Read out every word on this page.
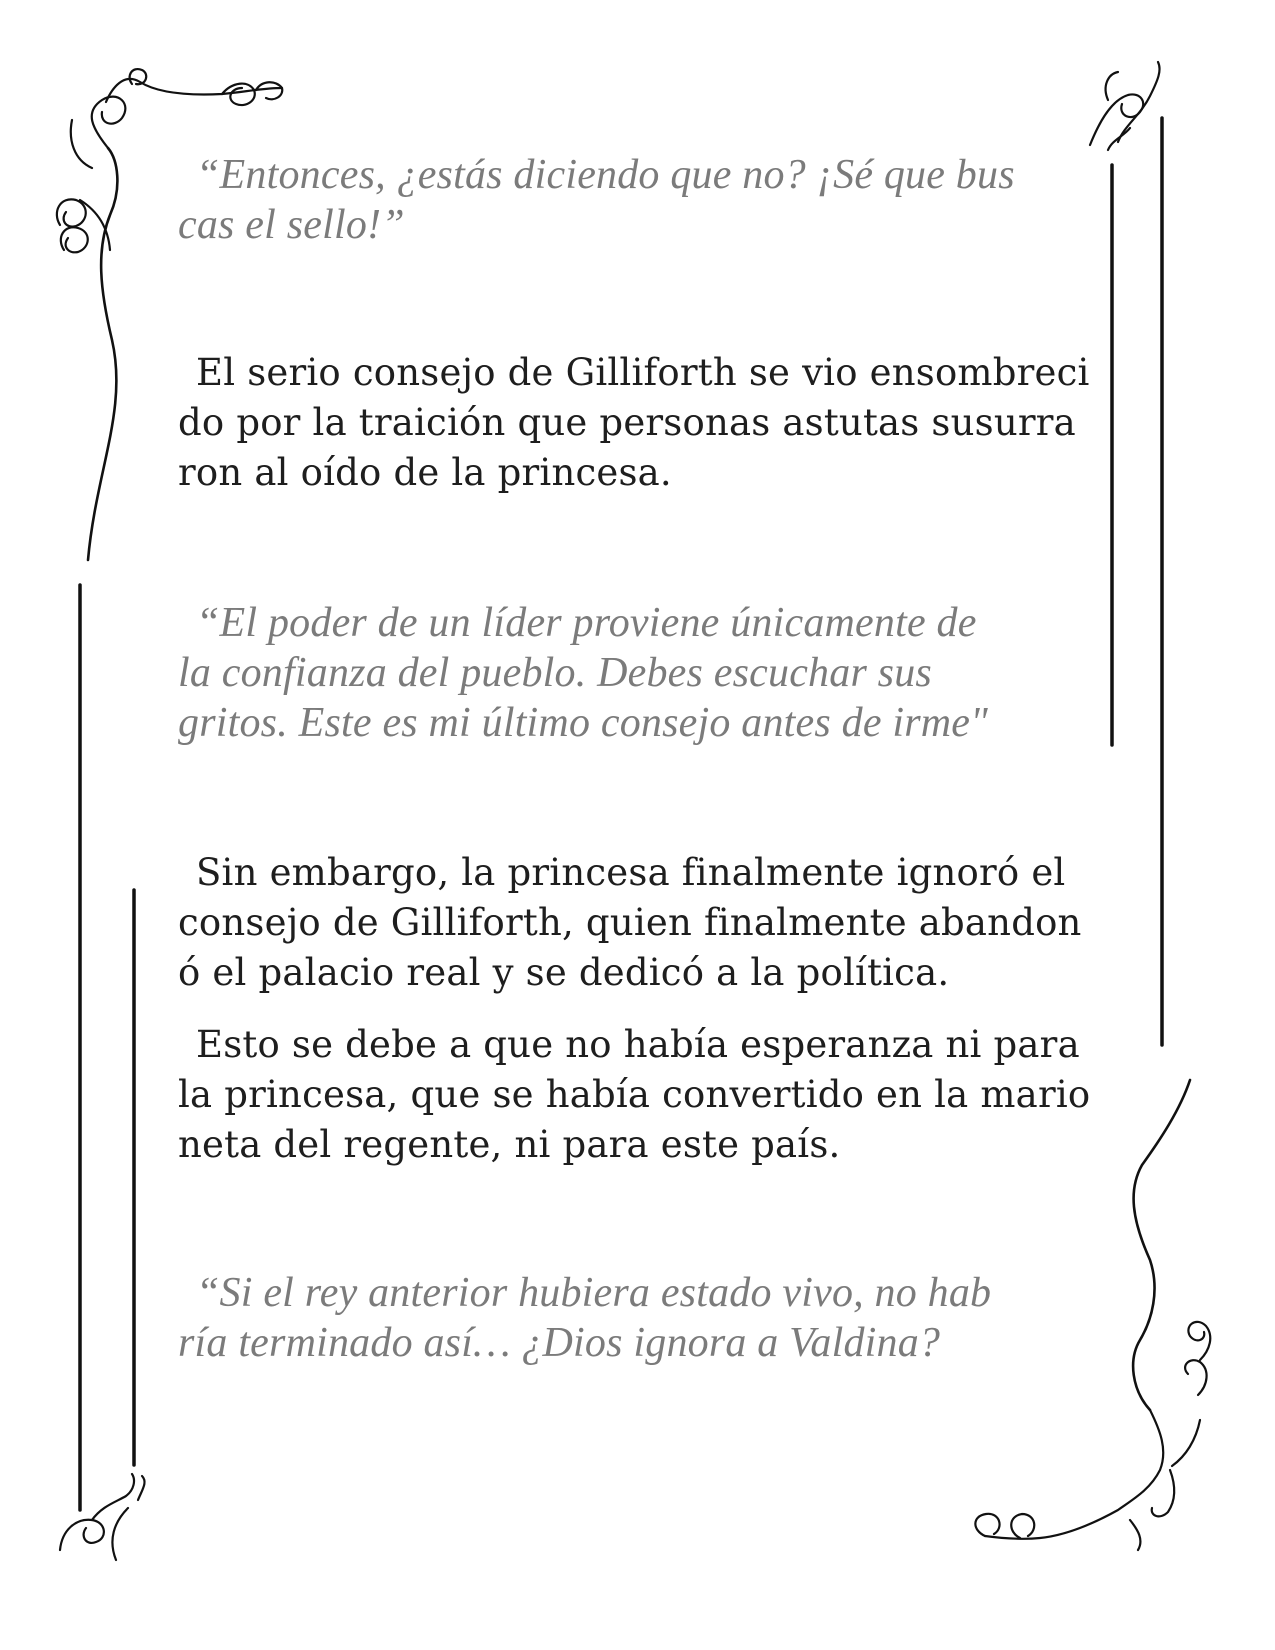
“Entonces, ¿estás diciendo que no? ¡Sé que bus

cas el sello!”

El serio consejo de Gilliforth se vio ensombreci

do por la traición que personas astutas susurra

ron al oído de la princesa.

“El poder de un líder proviene únicamente de

la confianza del pueblo. Debes escuchar sus

gritos. Este es mi último consejo antes de irme"

Sin embargo, la princesa finalmente ignoró el

consejo de Gilliforth, quien finalmente abandon

ó el palacio real y se dedicó a la política.

Esto se debe a que no había esperanza ni para

la princesa, que se había convertido en la mario

neta del regente, ni para este país.

“Si el rey anterior hubiera estado vivo, no hab

ría terminado así… ¿Dios ignora a Valdina?
